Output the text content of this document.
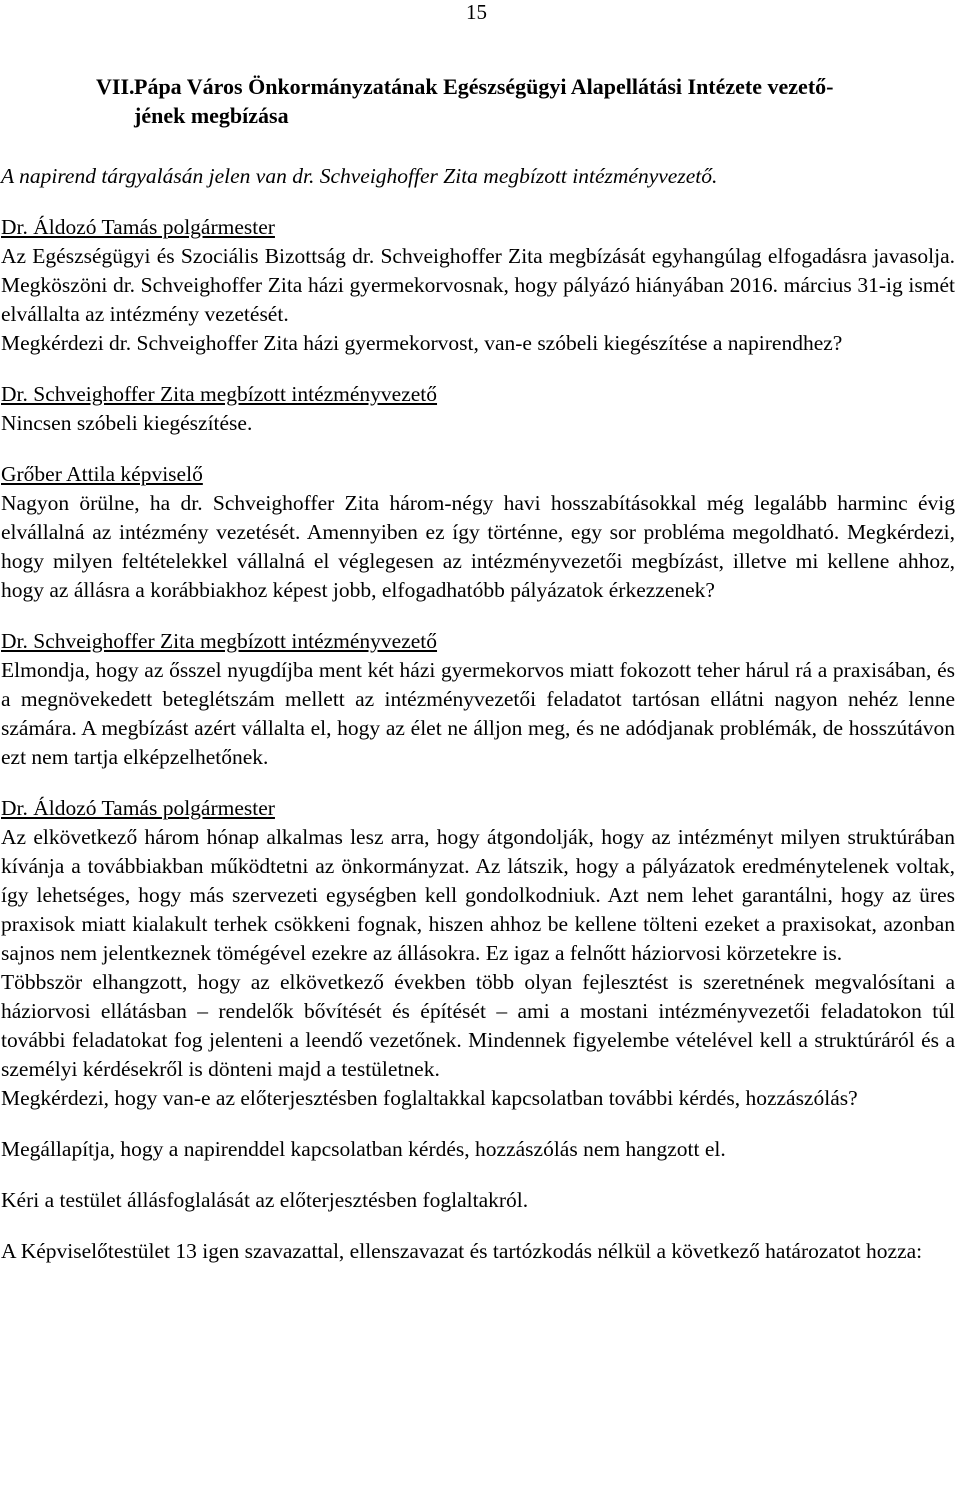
15
VII.Pápa Város Önkormányzatának Egészségügyi Alapellátási Intézete vezető-
jének megbízása

A napirend tárgyalásán jelen van dr. Schveighoffer Zita megbízott intézményvezető.

Dr. Áldozó Tamás polgármester

Az Egészségügyi és Szociális Bizottság dr. Schveighoffer Zita megbízását egyhangúlag elfogadásra javasolja. Megköszöni dr. Schveighoffer Zita házi gyermekorvosnak, hogy pályázó hiányában 2016. március 31-ig ismét elvállalta az intézmény vezetését.

Megkérdezi dr. Schveighoffer Zita házi gyermekorvost, van-e szóbeli kiegészítése a napirendhez?

Dr. Schveighoffer Zita megbízott intézményvezető

Nincsen szóbeli kiegészítése.

Grőber Attila képviselő

Nagyon örülne, ha dr. Schveighoffer Zita három-négy havi hosszabításokkal még legalább harminc évig elvállalná az intézmény vezetését. Amennyiben ez így történne, egy sor probléma megoldható. Megkérdezi, hogy milyen feltételekkel vállalná el véglegesen az intézményvezetői megbízást, illetve mi kellene ahhoz, hogy az állásra a korábbiakhoz képest jobb, elfogadhatóbb pályázatok érkezzenek?

Dr. Schveighoffer Zita megbízott intézményvezető

Elmondja, hogy az ősszel nyugdíjba ment két házi gyermekorvos miatt fokozott teher hárul rá a praxisában, és a megnövekedett beteglétszám mellett az intézményvezetői feladatot tartósan ellátni nagyon nehéz lenne számára. A megbízást azért vállalta el, hogy az élet ne álljon meg, és ne adódjanak problémák, de hosszútávon ezt nem tartja elképzelhetőnek.

Dr. Áldozó Tamás polgármester

Az elkövetkező három hónap alkalmas lesz arra, hogy átgondolják, hogy az intézményt milyen struktúrában kívánja a továbbiakban működtetni az önkormányzat. Az látszik, hogy a pályázatok eredménytelenek voltak, így lehetséges, hogy más szervezeti egységben kell gondolkodniuk. Azt nem lehet garantálni, hogy az üres praxisok miatt kialakult terhek csökkeni fognak, hiszen ahhoz be kellene tölteni ezeket a praxisokat, azonban sajnos nem jelentkeznek tömégével ezekre az állásokra. Ez igaz a felnőtt háziorvosi körzetekre is.

Többször elhangzott, hogy az elkövetkező években több olyan fejlesztést is szeretnének megvalósítani a háziorvosi ellátásban – rendelők bővítését és építését – ami a mostani intézményvezetői feladatokon túl további feladatokat fog jelenteni a leendő vezetőnek. Mindennek figyelembe vételével kell a struktúráról és a személyi kérdésekről is dönteni majd a testületnek.

Megkérdezi, hogy van-e az előterjesztésben foglaltakkal kapcsolatban további kérdés, hozzászólás?

Megállapítja, hogy a napirenddel kapcsolatban kérdés, hozzászólás nem hangzott el.

Kéri a testület állásfoglalását az előterjesztésben foglaltakról.

A Képviselőtestület 13 igen szavazattal, ellenszavazat és tartózkodás nélkül a következő határozatot hozza:
